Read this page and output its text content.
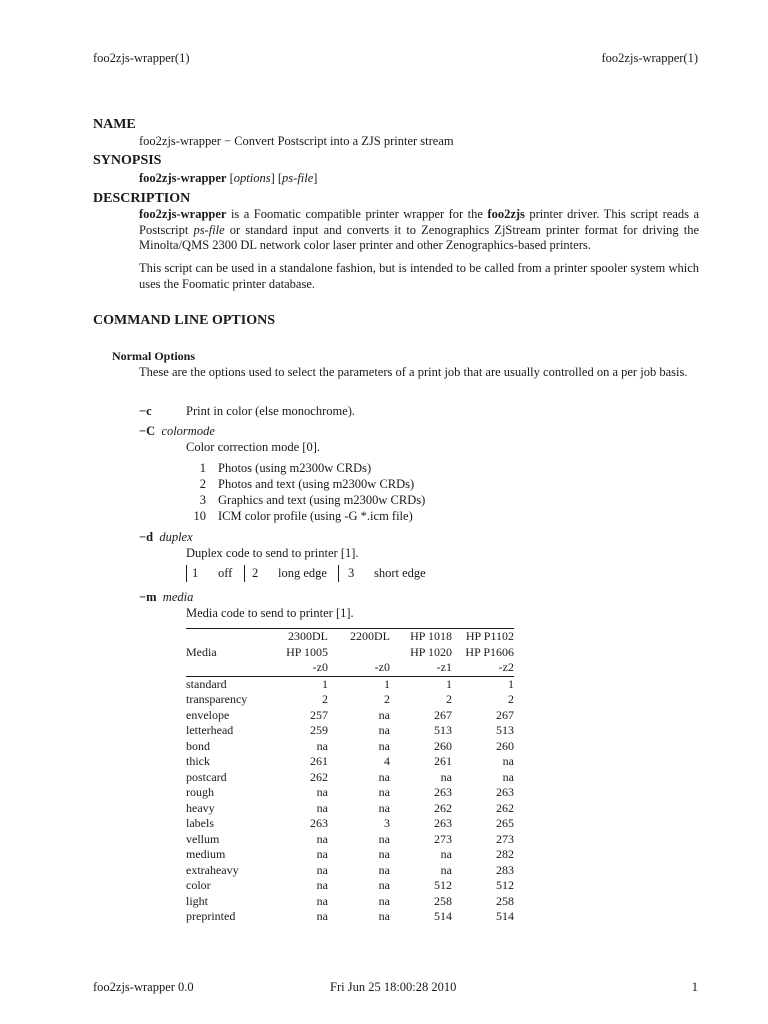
foo2zjs-wrapper(1)	foo2zjs-wrapper(1)
NAME

foo2zjs-wrapper − Convert Postscript into a ZJS printer stream

SYNOPSIS

foo2zjs-wrapper [options] [ps-file]

DESCRIPTION

foo2zjs-wrapper is a Foomatic compatible printer wrapper for the foo2zjs printer driver. This script reads a Postscript ps-file or standard input and converts it to Zenographics ZjStream printer format for driving the Minolta/QMS 2300 DL network color laser printer and other Zenographics-based printers.

This script can be used in a standalone fashion, but is intended to be called from a printer spooler system which uses the Foomatic printer database.

COMMAND LINE OPTIONS
Normal Options

These are the options used to select the parameters of a print job that are usually controlled on a per job basis.

−c	Print in color (else monochrome).
−C colormode
Color correction mode [0].
1 Photos (using m2300w CRDs)
2 Photos and text (using m2300w CRDs)
3 Graphics and text (using m2300w CRDs)
10 ICM color profile (using -G *.icm file)
−d duplex
Duplex code to send to printer [1].
1 off 2 long edge 3 short edge
−m media
Media code to send to printer [1].
	2300DL	2200DL	HP 1018	HP P1102
Media	HP 1005		HP 1020	HP P1606
	-z0	-z0	-z1	-z2
standard	1	1	1	1
transparency	2	2	2	2
envelope	257	na	267	267
letterhead	259	na	513	513
bond	na	na	260	260
thick	261	4	261	na
postcard	262	na	na	na
rough	na	na	263	263
heavy	na	na	262	262
labels	263	3	263	265
vellum	na	na	273	273
medium	na	na	na	282
extraheavy	na	na	na	283
color	na	na	512	512
light	na	na	258	258
preprinted	na	na	514	514
foo2zjs-wrapper 0.0	Fri Jun 25 18:00:28 2010	1
